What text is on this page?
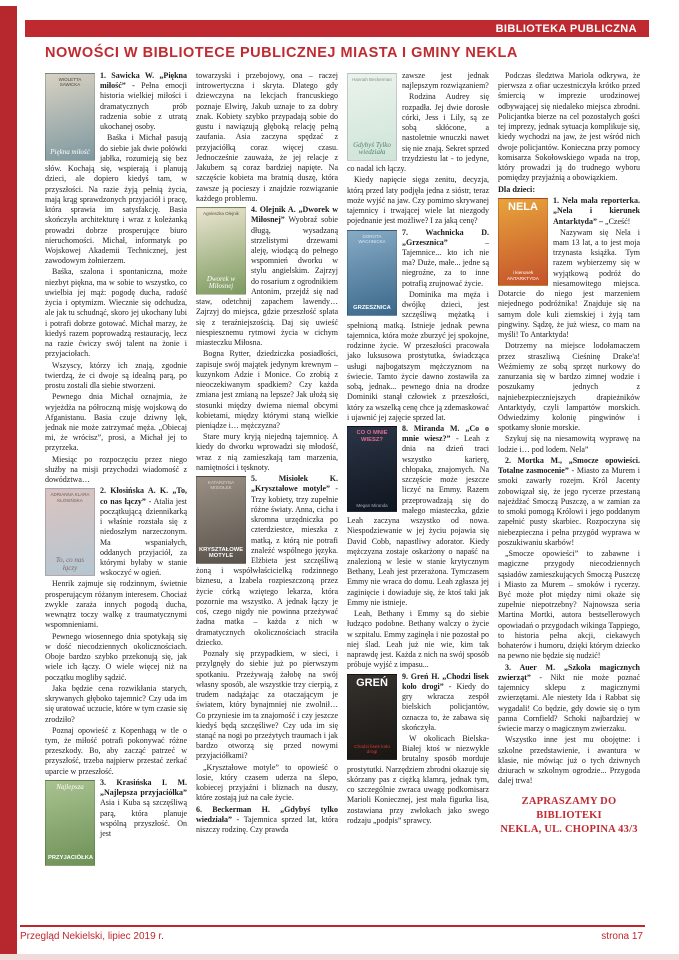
BIBLIOTEKA PUBLICZNA
NOWOŚCI W BIBLIOTECE PUBLICZNEJ MIASTA I GMINY NEKLA
WIOLETTA SAWICKA
Piękna miłość

1. Sawicka W. „Piękna miłość” - Pełna emocji historia wielkiej miłości i dramatycznych prób radzenia sobie z utratą ukochanej osoby.

Baśka i Michał pasują do siebie jak dwie połówki jabłka, rozumieją się bez słów. Kochają się, wspierają i planują dzieci, ale dopiero kiedyś tam, w przyszłości. Na razie żyją pełnią życia, mają krąg sprawdzonych przyjaciół i pracę, która sprawia im satysfakcję. Basia skończyła architekturę i wraz z koleżanką prowadzi dobrze prosperujące biuro nieruchomości. Michał, informatyk po Wojskowej Akademii Technicznej, jest zawodowym żołnierzem.

Baśka, szalona i spontaniczna, może niezbyt piękna, ma w sobie to wszystko, co uwielbia jej mąż: pogodę ducha, radość życia i optymizm. Wiecznie się odchudza, ale jak tu schudnąć, skoro jej ukochany lubi i potrafi dobrze gotować. Michał marzy, że kiedyś razem poprowadzą restaurację, lecz na razie ćwiczy swój talent na żonie i przyjaciołach.

Wszyscy, którzy ich znają, zgodnie twierdzą, że ci dwoje są idealną parą, po prostu zostali dla siebie stworzeni.

Pewnego dnia Michał oznajmia, że wyjeżdża na półroczną misję wojskową do Afganistanu. Basia czuje dziwny lęk, jednak nie może zatrzymać męża. „Obiecaj mi, że wrócisz”, prosi, a Michał jej to przyrzeka.

Miesiąc po rozpoczęciu przez niego służby na misji przychodzi wiadomość z dowództwa…

ADRIANNA KLARA KŁOSIŃSKA
To, co nas łączy

2. Kłosińska A. K. „To, co nas łączy” - Atalia jest początkującą dziennikarką i właśnie rozstała się z niedoszłym narzeczonym. Ma wspaniałych, oddanych przyjaciół, za którymi byłaby w stanie wskoczyć w ogień.

Henrik zajmuje się rodzinnym, świetnie prosperującym różanym interesem. Chociaż zwykle zaraża innych pogodą ducha, wewnątrz toczy walkę z traumatycznymi wspomnieniami.

Pewnego wiosennego dnia spotykają się w dość niecodziennych okolicznościach. Oboje bardzo szybko przekonują się, jak wiele ich łączy. O wiele więcej niż na początku mogliby sądzić.

Jaka będzie cena rozwikłania starych, skrywanych głęboko tajemnic? Czy uda im się uratować uczucie, które w tym czasie się zrodziło?

Poznaj opowieść z Kopenhagą w tle o tym, że miłość potrafi pokonywać różne przeszkody. Bo, aby zacząć patrzeć w przyszłość, trzeba najpierw przestać zerkać uparcie w przeszłość.

Najlepsza
PRZYJACIÓŁKA

3. Krasińska I. M. „Najlepsza przyjaciółka” Asia i Kuba są szczęśliwą parą, która planuje wspólną przyszłość. On jest

towarzyski i przebojowy, ona – raczej introwertyczna i skryta. Dlatego gdy dziewczyna na lekcjach francuskiego poznaje Elwirę, Jakub uznaje to za dobry znak. Kobiety szybko przypadają sobie do gustu i nawiązują głęboką relację pełną zaufania. Asia zaczyna spędzać z przyjaciółką coraz więcej czasu. Jednocześnie zauważa, że jej relacje z Jakubem są coraz bardziej napięte. Na szczęście kobieta ma bratnią duszę, która zawsze ją pocieszy i znajdzie rozwiązanie każdego problemu.

Agnieszka Olejnik
Dworek w Miłosnej

4. Olejnik A. „Dworek w Miłosnej” Wyobraź sobie długą, wysadzaną strzelistymi drzewami aleję, wiodącą do pełnego wspomnień dworku w stylu angielskim. Zajrzyj do rosarium z ogrodnikiem Antonim, przejdź się nad staw, odetchnij zapachem lawendy… Zajrzyj do miejsca, gdzie przeszłość splata się z teraźniejszością. Daj się uwieść niespiesznemu rytmowi życia w cichym miasteczku Miłosna.

Bogna Rytter, dziedziczka posiadłości, zapisuje swój majątek jedynym krewnym – kuzynkom Adzie i Monice. Co zrobią z nieoczekiwanym spadkiem? Czy każda zmiana jest zmianą na lepsze? Jak ułożą się stosunki między dwiema niemal obcymi kobietami, między którymi staną wielkie pieniądze i… mężczyzna?

Stare mury kryją niejedną tajemnicę. A kiedy do dworku wprowadzi się młodość, wraz z nią zamieszkają tam marzenia, namiętności i tęsknoty.

KATARZYNA MISIOŁEK
KRYSZTAŁOWE MOTYLE

5. Misiołek K. „Kryształowe motyle” - Trzy kobiety, trzy zupełnie różne światy. Anna, cicha i skromna urzędniczka po czterdziestce, mieszka z matką, z którą nie potrafi znaleźć wspólnego języka. Elżbieta jest szczęśliwą żoną i współwłaścicielką rodzinnego biznesu, a Izabela rozpieszczoną przez życie córką wziętego lekarza, która pozornie ma wszystko. A jednak łączy je coś, czego nigdy nie powinna przeżywać żadna matka – każda z nich w dramatycznych okolicznościach straciła dziecko.

Poznały się przypadkiem, w sieci, i przylgnęły do siebie już po pierwszym spotkaniu. Przeżywają żałobę na swój własny sposób, ale wszystkie trzy cierpią, z trudem nadążając za otaczającym je światem, który bynajmniej nie zwolnił… Co przyniesie im ta znajomość i czy jeszcze kiedyś będą szczęśliwe? Czy uda im się stanąć na nogi po przeżytych traumach i jak bardzo otworzą się przed nowymi przyjaciółkami?

„Kryształowe motyle” to opowieść o losie, który czasem uderza na ślepo, kobiecej przyjaźni i bliznach na duszy, które zostają już na całe życie.

6. Beckerman H. „Gdybyś tylko wiedziała” - Tajemnica sprzed lat, która niszczy rodzinę. Czy prawda

Hannah Beckerman
Gdybyś Tylko wiedziała

zawsze jest jednak najlepszym rozwiązaniem?

Rodzina Audrey się rozpadła. Jej dwie dorosłe córki, Jess i Lily, są ze sobą skłócone, a nastoletnie wnuczki nawet się nie znają. Sekret sprzed trzydziestu lat - to jedyne, co nadal ich łączy.

Kiedy napięcie sięga zenitu, decyzja, którą przed laty podjęła jedna z sióstr, teraz może wyjść na jaw. Czy pomimo skrywanej tajemnicy i trwającej wiele lat niezgody pojednanie jest możliwe? I za jaką cenę?

DOROTA WACHNICKA
GRZESZNICA

7. Wachnicka D. „Grzesznica” – Tajemnice... kto ich nie ma? Duże, małe... jedne są niegroźne, za to inne potrafią zrujnować życie.

Dominika ma męża i dwójkę dzieci, jest szczęśliwą mężatką i spełnioną matką. Istnieje jednak pewna tajemnica, która może zburzyć jej spokojne, rodzinne życie. W przeszłości pracowała jako luksusowa prostytutka, świadcząca usługi najbogatszym mężczyznom na świecie. Tamto życie dawno zostawiła za sobą, jednak... pewnego dnia na drodze Dominiki stanął człowiek z przeszłości, który za wszelką cenę chce ją zdemaskować i ujawnić jej zajęcie sprzed lat.

CO O MNIE WIESZ?
Megan Miranda

8. Miranda M. „Co o mnie wiesz?” - Leah z dnia na dzień traci wszystko karierę, chłopaka, znajomych. Na szczęście może jeszcze liczyć na Emmy. Razem przeprowadzają się do małego miasteczka, gdzie Leah zaczyna wszystko od nowa. Niespodziewanie w jej życiu pojawia się David Cobb, napastliwy adorator. Kiedy mężczyzna zostaje oskarżony o napaść na znalezioną w lesie w stanie krytycznym Bethany, Leah jest przerażona. Tymczasem Emmy nie wraca do domu. Leah zgłasza jej zaginięcie i dowiaduje się, że ktoś taki jak Emmy nie istnieje.

Leah, Bethany i Emmy są do siebie łudząco podobne. Bethany walczy o życie w szpitalu. Emmy zaginęła i nie pozostał po niej ślad. Leah już nie wie, kim tak naprawdę jest. Każda z nich na swój sposób próbuje wyjść z impasu...

GREŃ
Chodzi lisek koło drogi

9. Greń H. „Chodzi lisek koło drogi” - Kiedy do gry wkracza zespół bielskich policjantów, oznacza to, że zabawa się skończyła.

W okolicach Bielska-Białej ktoś w niezwykle brutalny sposób morduje prostytutki. Narzędziem zbrodni okazuje się skórzany pas z ciężką klamrą, jednak tym, co szczególnie zwraca uwagę podkomisarz Marioli Koniecznej, jest mała figurka lisa, zostawiana przy zwłokach jako swego rodzaju „podpis” sprawcy.

Podczas śledztwa Mariola odkrywa, że pierwsza z ofiar uczestniczyła krótko przed śmiercią w imprezie urodzinowej odbywającej się niedaleko miejsca zbrodni. Policjantka bierze na cel pozostałych gości tej imprezy, jednak sytuacja komplikuje się, kiedy wychodzi na jaw, że jest wśród nich dwoje policjantów. Konieczna przy pomocy komisarza Sokołowskiego wpada na trop, który prowadzi ją do trudnego wyboru pomiędzy przyjaźnią a obowiązkiem.

Dla dzieci:

NELA
i kierunek ANTARKTYDA

1. Nela mała reporterka. „Nela i kierunek Antarktyda” – „Cześć!

Nazywam się Nela i mam 13 lat, a to jest moja trzynasta książka. Tym razem wybierzemy się w wyjątkową podróż do niesamowitego miejsca. Dotarcie do niego jest marzeniem niejednego podróżnika! Znajduje się na samym dole kuli ziemskiej i żyją tam pingwiny. Sądzę, że już wiesz, co mam na myśli! To Antarktyda!

Dotrzemy na miejsce lodołamaczem przez straszliwą Cieśninę Drake'a! Weźmiemy ze sobą sprzęt nurkowy do zanurzania się w bardzo zimnej wodzie i poszukamy jednych z najniebezpieczniejszych drapieżników Antarktydy, czyli lampartów morskich. Odwiedzimy kolonię pingwinów i spotkamy słonie morskie.

Szykuj się na niesamowitą wyprawę na lodzie i… pod lodem. Nela”

2. Mortka M., „Smocze opowieści. Totalne zasmocenie” - Miasto za Murem i smoki zawarły rozejm. Król Jacenty zobowiązał się, że jego rycerze przestaną najeżdżać Smoczą Puszczę, a w zamian za to smoki pomogą Królowi i jego poddanym zapełnić pusty skarbiec. Rozpoczyna się niebezpieczna i pełna przygód wyprawa w poszukiwaniu skarbów!

„Smocze opowieści” to zabawne i magiczne przygody niecodziennych sąsiadów zamieszkujących Smoczą Puszczę i Miasto za Murem – smoków i rycerzy. Być może płot między nimi okaże się zupełnie niepotrzebny? Najnowsza seria Martina Mortki, autora bestsellerowych opowiadań o przygodach wikinga Tappiego, to historia pełna akcji, ciekawych bohaterów i humoru, dzięki którym dziecko na pewno nie będzie się nudzić!

3. Auer M. „Szkoła magicznych zwierząt” - Nikt nie może poznać tajemnicy sklepu z magicznymi zwierzętami. Ale niestety Ida i Rabbat się wygadali! Co będzie, gdy dowie się o tym panna Cornfield? Schoki najbardziej w świecie marzy o magicznym zwierzaku.

Wszystko inne jest mu obojętne: i szkolne przedstawienie, i awantura w klasie, nie mówiąc już o tych dziwnych dziurach w szkolnym ogrodzie... Przygoda dalej trwa!

ZAPRASZAMY DO BIBLIOTEKI
NEKLA, UL. CHOPINA 43/3
Przegląd Nekielski, lipiec 2019 r.	strona 17
